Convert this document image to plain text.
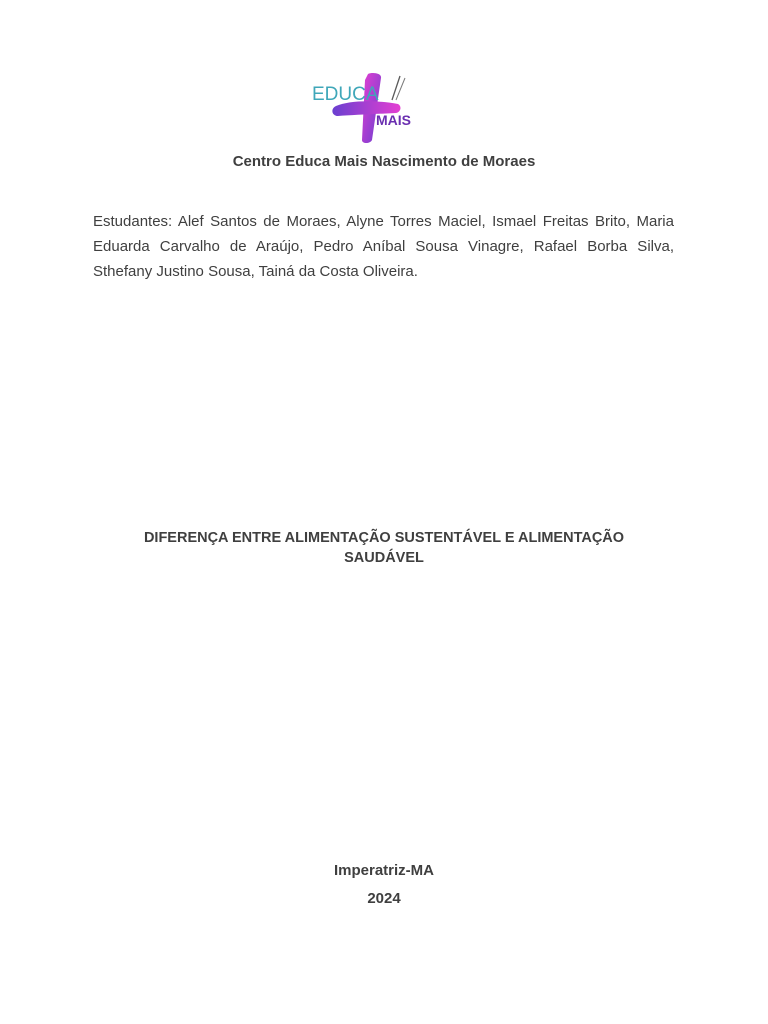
EDUCA
MAIS
Centro Educa Mais Nascimento de Moraes
Estudantes: Alef Santos de Moraes, Alyne Torres Maciel, Ismael Freitas Brito, Maria Eduarda Carvalho de Araújo, Pedro Aníbal Sousa Vinagre, Rafael Borba Silva, Sthefany Justino Sousa, Tainá da Costa Oliveira.
DIFERENÇA ENTRE ALIMENTAÇÃO SUSTENTÁVEL E ALIMENTAÇÃO SAUDÁVEL
Imperatriz-MA
2024
